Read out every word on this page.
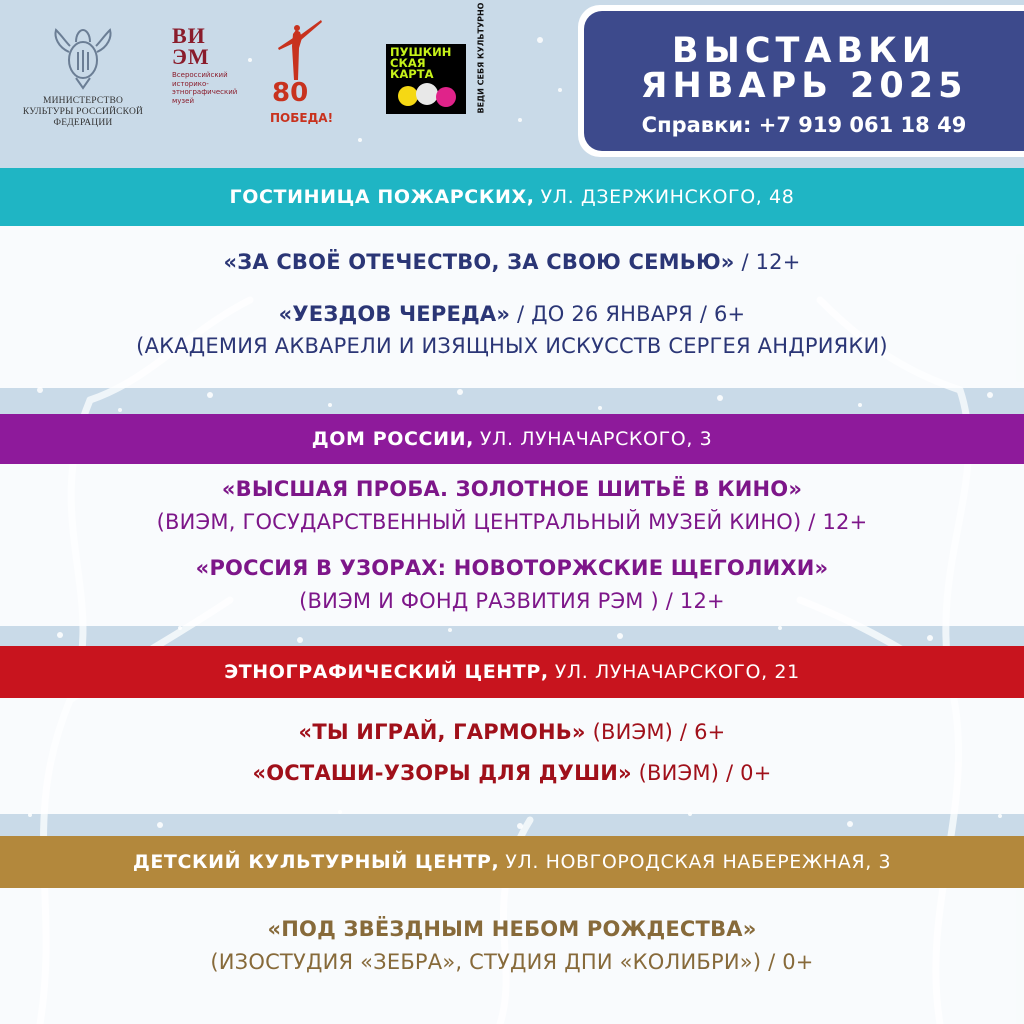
МИНИСТЕРСТВО КУЛЬТУРЫ РОССИЙСКОЙ ФЕДЕРАЦИИ
ВИ
ЭМ
Всероссийский историко-этнографический музей	80
ПОБЕДА!
ПУШКИН СКАЯ КАРТА	ВЕДИ СЕБЯ КУЛЬТУРНО	ВЫСТАВКИ
ЯНВАРЬ 2025
Справки: +7 919 061 18 49
ГОСТИНИЦА ПОЖАРСКИХ, УЛ. ДЗЕРЖИНСКОГО, 48
«ЗА СВОЁ ОТЕЧЕСТВО, ЗА СВОЮ СЕМЬЮ» / 12+
«УЕЗДОВ ЧЕРЕДА» / ДО 26 ЯНВАРЯ / 6+
(АКАДЕМИЯ АКВАРЕЛИ И ИЗЯЩНЫХ ИСКУССТВ СЕРГЕЯ АНДРИЯКИ)
ДОМ РОССИИ, УЛ. ЛУНАЧАРСКОГО, 3
«ВЫСШАЯ ПРОБА. ЗОЛОТНОЕ ШИТЬЁ В КИНО»
(ВИЭМ, ГОСУДАРСТВЕННЫЙ ЦЕНТРАЛЬНЫЙ МУЗЕЙ КИНО) / 12+
«РОССИЯ В УЗОРАХ: НОВОТОРЖСКИЕ ЩЕГОЛИХИ»
(ВИЭМ И ФОНД РАЗВИТИЯ РЭМ ) / 12+
ЭТНОГРАФИЧЕСКИЙ ЦЕНТР, УЛ. ЛУНАЧАРСКОГО, 21
«ТЫ ИГРАЙ, ГАРМОНЬ» (ВИЭМ) / 6+
«ОСТАШИ-УЗОРЫ ДЛЯ ДУШИ» (ВИЭМ) / 0+
ДЕТСКИЙ КУЛЬТУРНЫЙ ЦЕНТР, УЛ. НОВГОРОДСКАЯ НАБЕРЕЖНАЯ, 3
«ПОД ЗВЁЗДНЫМ НЕБОМ РОЖДЕСТВА»
(ИЗОСТУДИЯ «ЗЕБРА», СТУДИЯ ДПИ «КОЛИБРИ») / 0+
